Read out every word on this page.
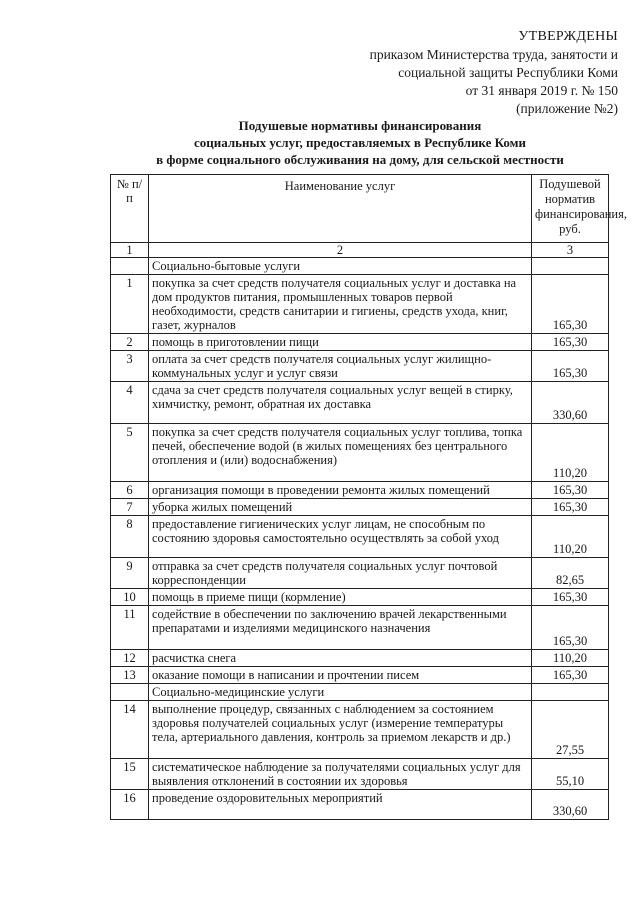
УТВЕРЖДЕНЫ
приказом Министерства труда, занятости и
социальной защиты Республики Коми
от 31 января 2019 г. № 150
(приложение №2)
Подушевые нормативы финансирования
социальных услуг, предоставляемых в Республике Коми
в форме социального обслуживания на дому, для сельской местности
№ п/п	Наименование услуг	Подушевой норматив финансирования, руб.
1	2	3
	Социально-бытовые услуги	
1	покупка за счет средств получателя социальных услуг и доставка на дом продуктов питания, промышленных товаров первой необходимости, средств санитарии и гигиены, средств ухода, книг, газет, журналов	165,30
2	помощь в приготовлении пищи	165,30
3	оплата за счет средств получателя социальных услуг жилищно-коммунальных услуг и услуг связи	165,30
4	сдача за счет средств получателя социальных услуг вещей в стирку, химчистку, ремонт, обратная их доставка	330,60
5	покупка за счет средств получателя социальных услуг топлива, топка печей, обеспечение водой (в жилых помещениях без центрального отопления и (или) водоснабжения)	110,20
6	организация помощи в проведении ремонта жилых помещений	165,30
7	уборка жилых помещений	165,30
8	предоставление гигиенических услуг лицам, не способным по состоянию здоровья самостоятельно осуществлять за собой уход	110,20
9	отправка за счет средств получателя социальных услуг почтовой корреспонденции	82,65
10	помощь в приеме пищи (кормление)	165,30
11	содействие в обеспечении по заключению врачей лекарственными препаратами и изделиями медицинского назначения	165,30
12	расчистка снега	110,20
13	оказание помощи в написании и прочтении писем	165,30
	Социально-медицинские услуги	
14	выполнение процедур, связанных с наблюдением за состоянием здоровья получателей социальных услуг (измерение температуры тела, артериального давления, контроль за приемом лекарств и др.)	27,55
15	систематическое наблюдение за получателями социальных услуг для выявления отклонений в состоянии их здоровья	55,10
16	проведение оздоровительных мероприятий	330,60
